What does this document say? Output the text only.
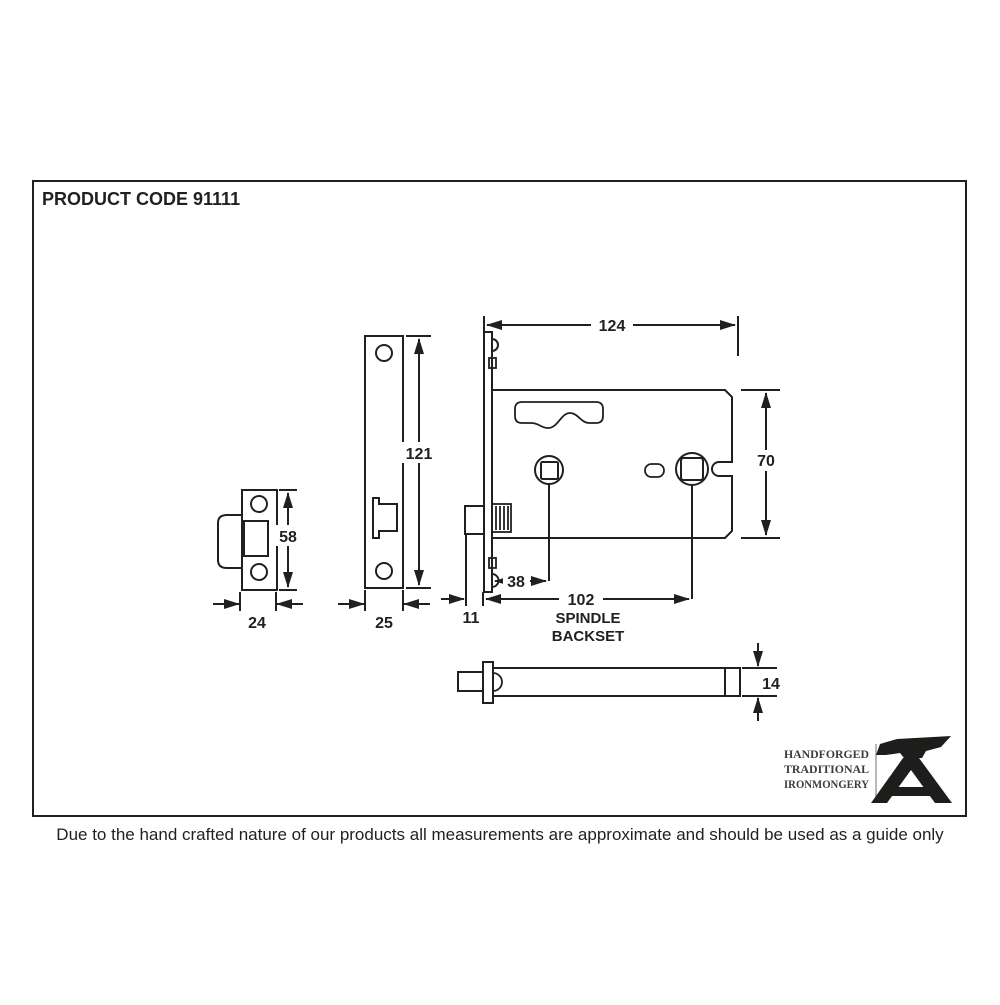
PRODUCT CODE 91111
58
24
121
25
124
70
38
102
11	SPINDLE
BACKSET
14
HANDFORGED
TRADITIONAL
IRONMONGERY
Due to the hand crafted nature of our products all measurements are approximate and should be used as a guide only
